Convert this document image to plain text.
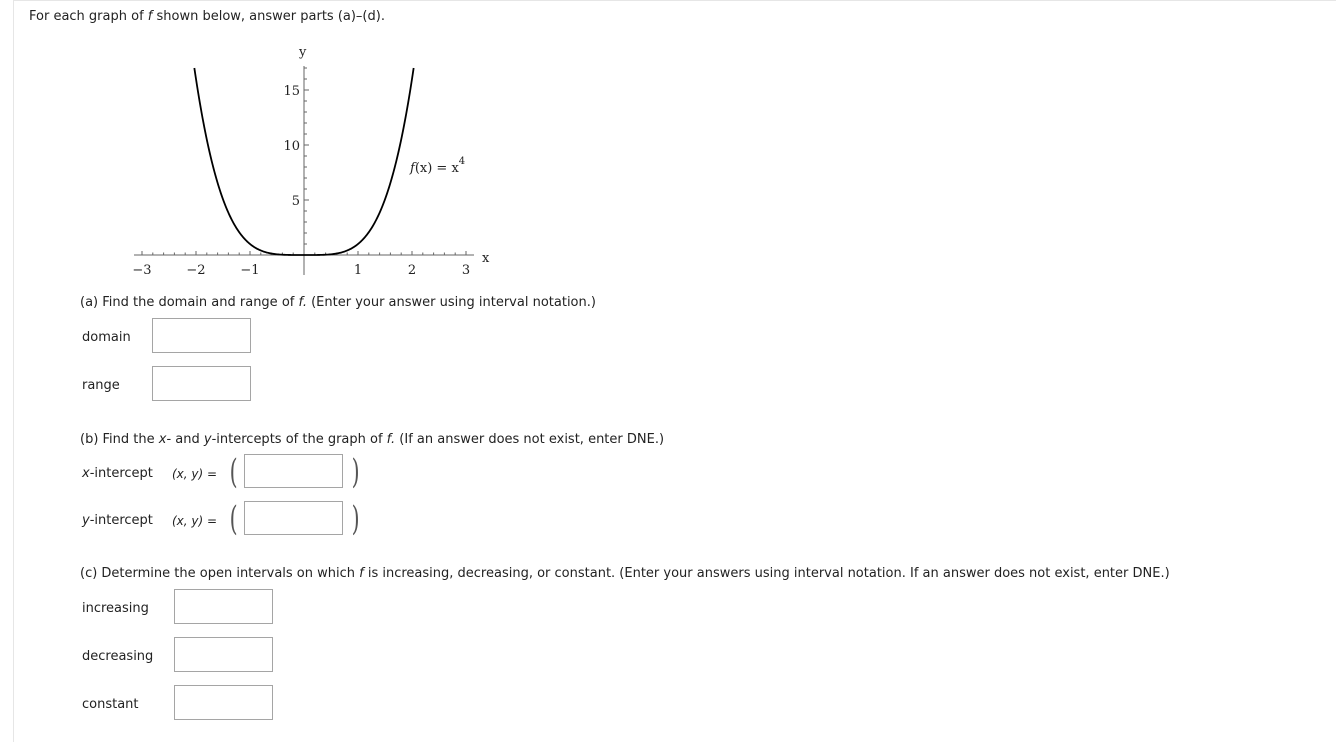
For each graph of f shown below, answer parts (a)–(d).
−3	−2	−1	1	2	3
5
10
15
x
y
$f(x) = x^4$
(a) Find the domain and range of f. (Enter your answer using interval notation.)
domain
range
(b) Find the x- and y-intercepts of the graph of f. (If an answer does not exist, enter DNE.)
x-intercept (x, y) = (	)
y-intercept (x, y) = (	)
(c) Determine the open intervals on which f is increasing, decreasing, or constant. (Enter your answers using interval notation. If an answer does not exist, enter DNE.)
increasing
decreasing
constant
